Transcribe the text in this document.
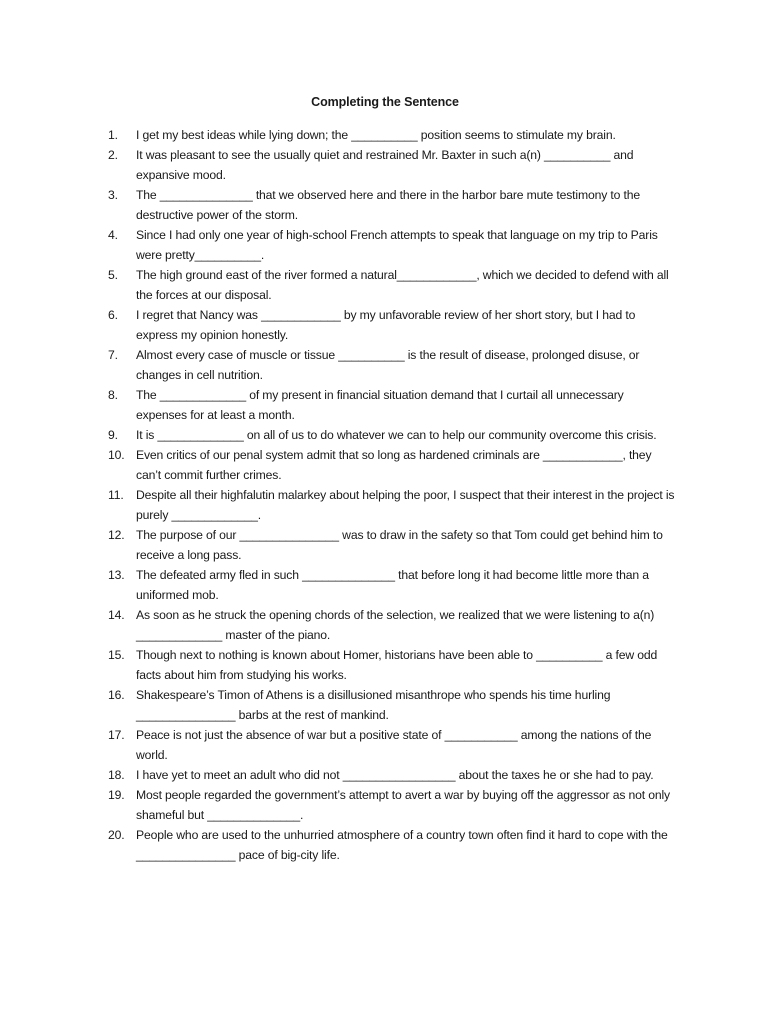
Completing the Sentence
1.	I get my best ideas while lying down; the __________ position seems to stimulate my brain.
2.	It was pleasant to see the usually quiet and restrained Mr. Baxter in such a(n) __________ and expansive mood.
3.	The ______________ that we observed here and there in the harbor bare mute testimony to the destructive power of the storm.
4.	Since I had only one year of high-school French attempts to speak that language on my trip to Paris were pretty__________.
5.	The high ground east of the river formed a natural____________, which we decided to defend with all the forces at our disposal.
6.	I regret that Nancy was ____________ by my unfavorable review of her short story, but I had to express my opinion honestly.
7.	Almost every case of muscle or tissue __________ is the result of disease, prolonged disuse, or changes in cell nutrition.
8.	The _____________ of my present in financial situation demand that I curtail all unnecessary expenses for at least a month.
9.	It is _____________ on all of us to do whatever we can to help our community overcome this crisis.
10. Even critics of our penal system admit that so long as hardened criminals are ____________, they can’t commit further crimes.
11.	Despite all their highfalutin malarkey about helping the poor, I suspect that their interest in the project is purely _____________.
12. The purpose of our _______________ was to draw in the safety so that Tom could get behind him to receive a long pass.
13. The defeated army fled in such ______________ that before long it had become little more than a uniformed mob.
14. As soon as he struck the opening chords of the selection, we realized that we were listening to a(n) _____________ master of the piano.
15. Though next to nothing is known about Homer, historians have been able to __________ a few odd facts about him from studying his works.
16. Shakespeare’s Timon of Athens is a disillusioned misanthrope who spends his time hurling _______________ barbs at the rest of mankind.
17. Peace is not just the absence of war but a positive state of ___________ among the nations of the world.
18. I have yet to meet an adult who did not _________________ about the taxes he or she had to pay.
19. Most people regarded the government’s attempt to avert a war by buying off the aggressor as not only shameful but ______________.
20. People who are used to the unhurried atmosphere of a country town often find it hard to cope with the _______________ pace of big-city life.
